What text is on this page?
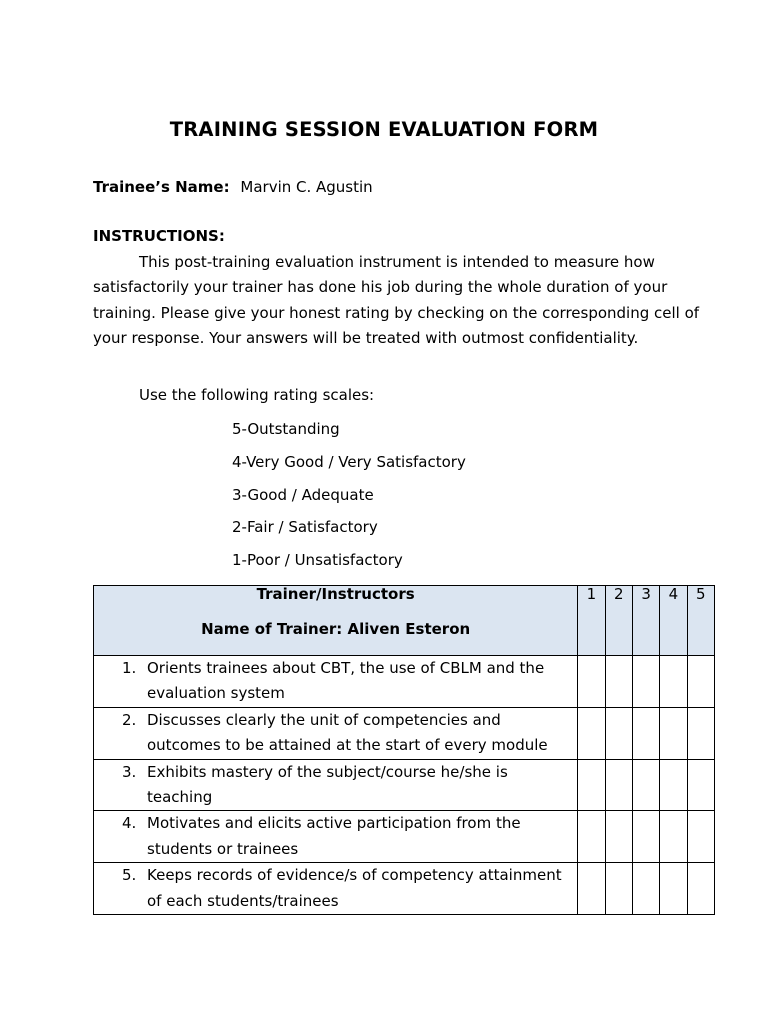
TRAINING SESSION EVALUATION FORM
Trainee’s Name: Marvin C. Agustin
INSTRUCTIONS:
This post-training evaluation instrument is intended to measure how satisfactorily your trainer has done his job during the whole duration of your training. Please give your honest rating by checking on the corresponding cell of your response. Your answers will be treated with outmost confidentiality.
Use the following rating scales:
5-Outstanding
4-Very Good / Very Satisfactory
3-Good / Adequate
2-Fair / Satisfactory
1-Poor / Unsatisfactory
Trainer/Instructors
Name of Trainer: Aliven Esteron	1	2	3	4	5

1. Orients trainees about CBT, the use of CBLM and the evaluation system					

2. Discusses clearly the unit of competencies and outcomes to be attained at the start of every module					

3. Exhibits mastery of the subject/course he/she is teaching					

4. Motivates and elicits active participation from the students or trainees					

5. Keeps records of evidence/s of competency attainment of each students/trainees					
